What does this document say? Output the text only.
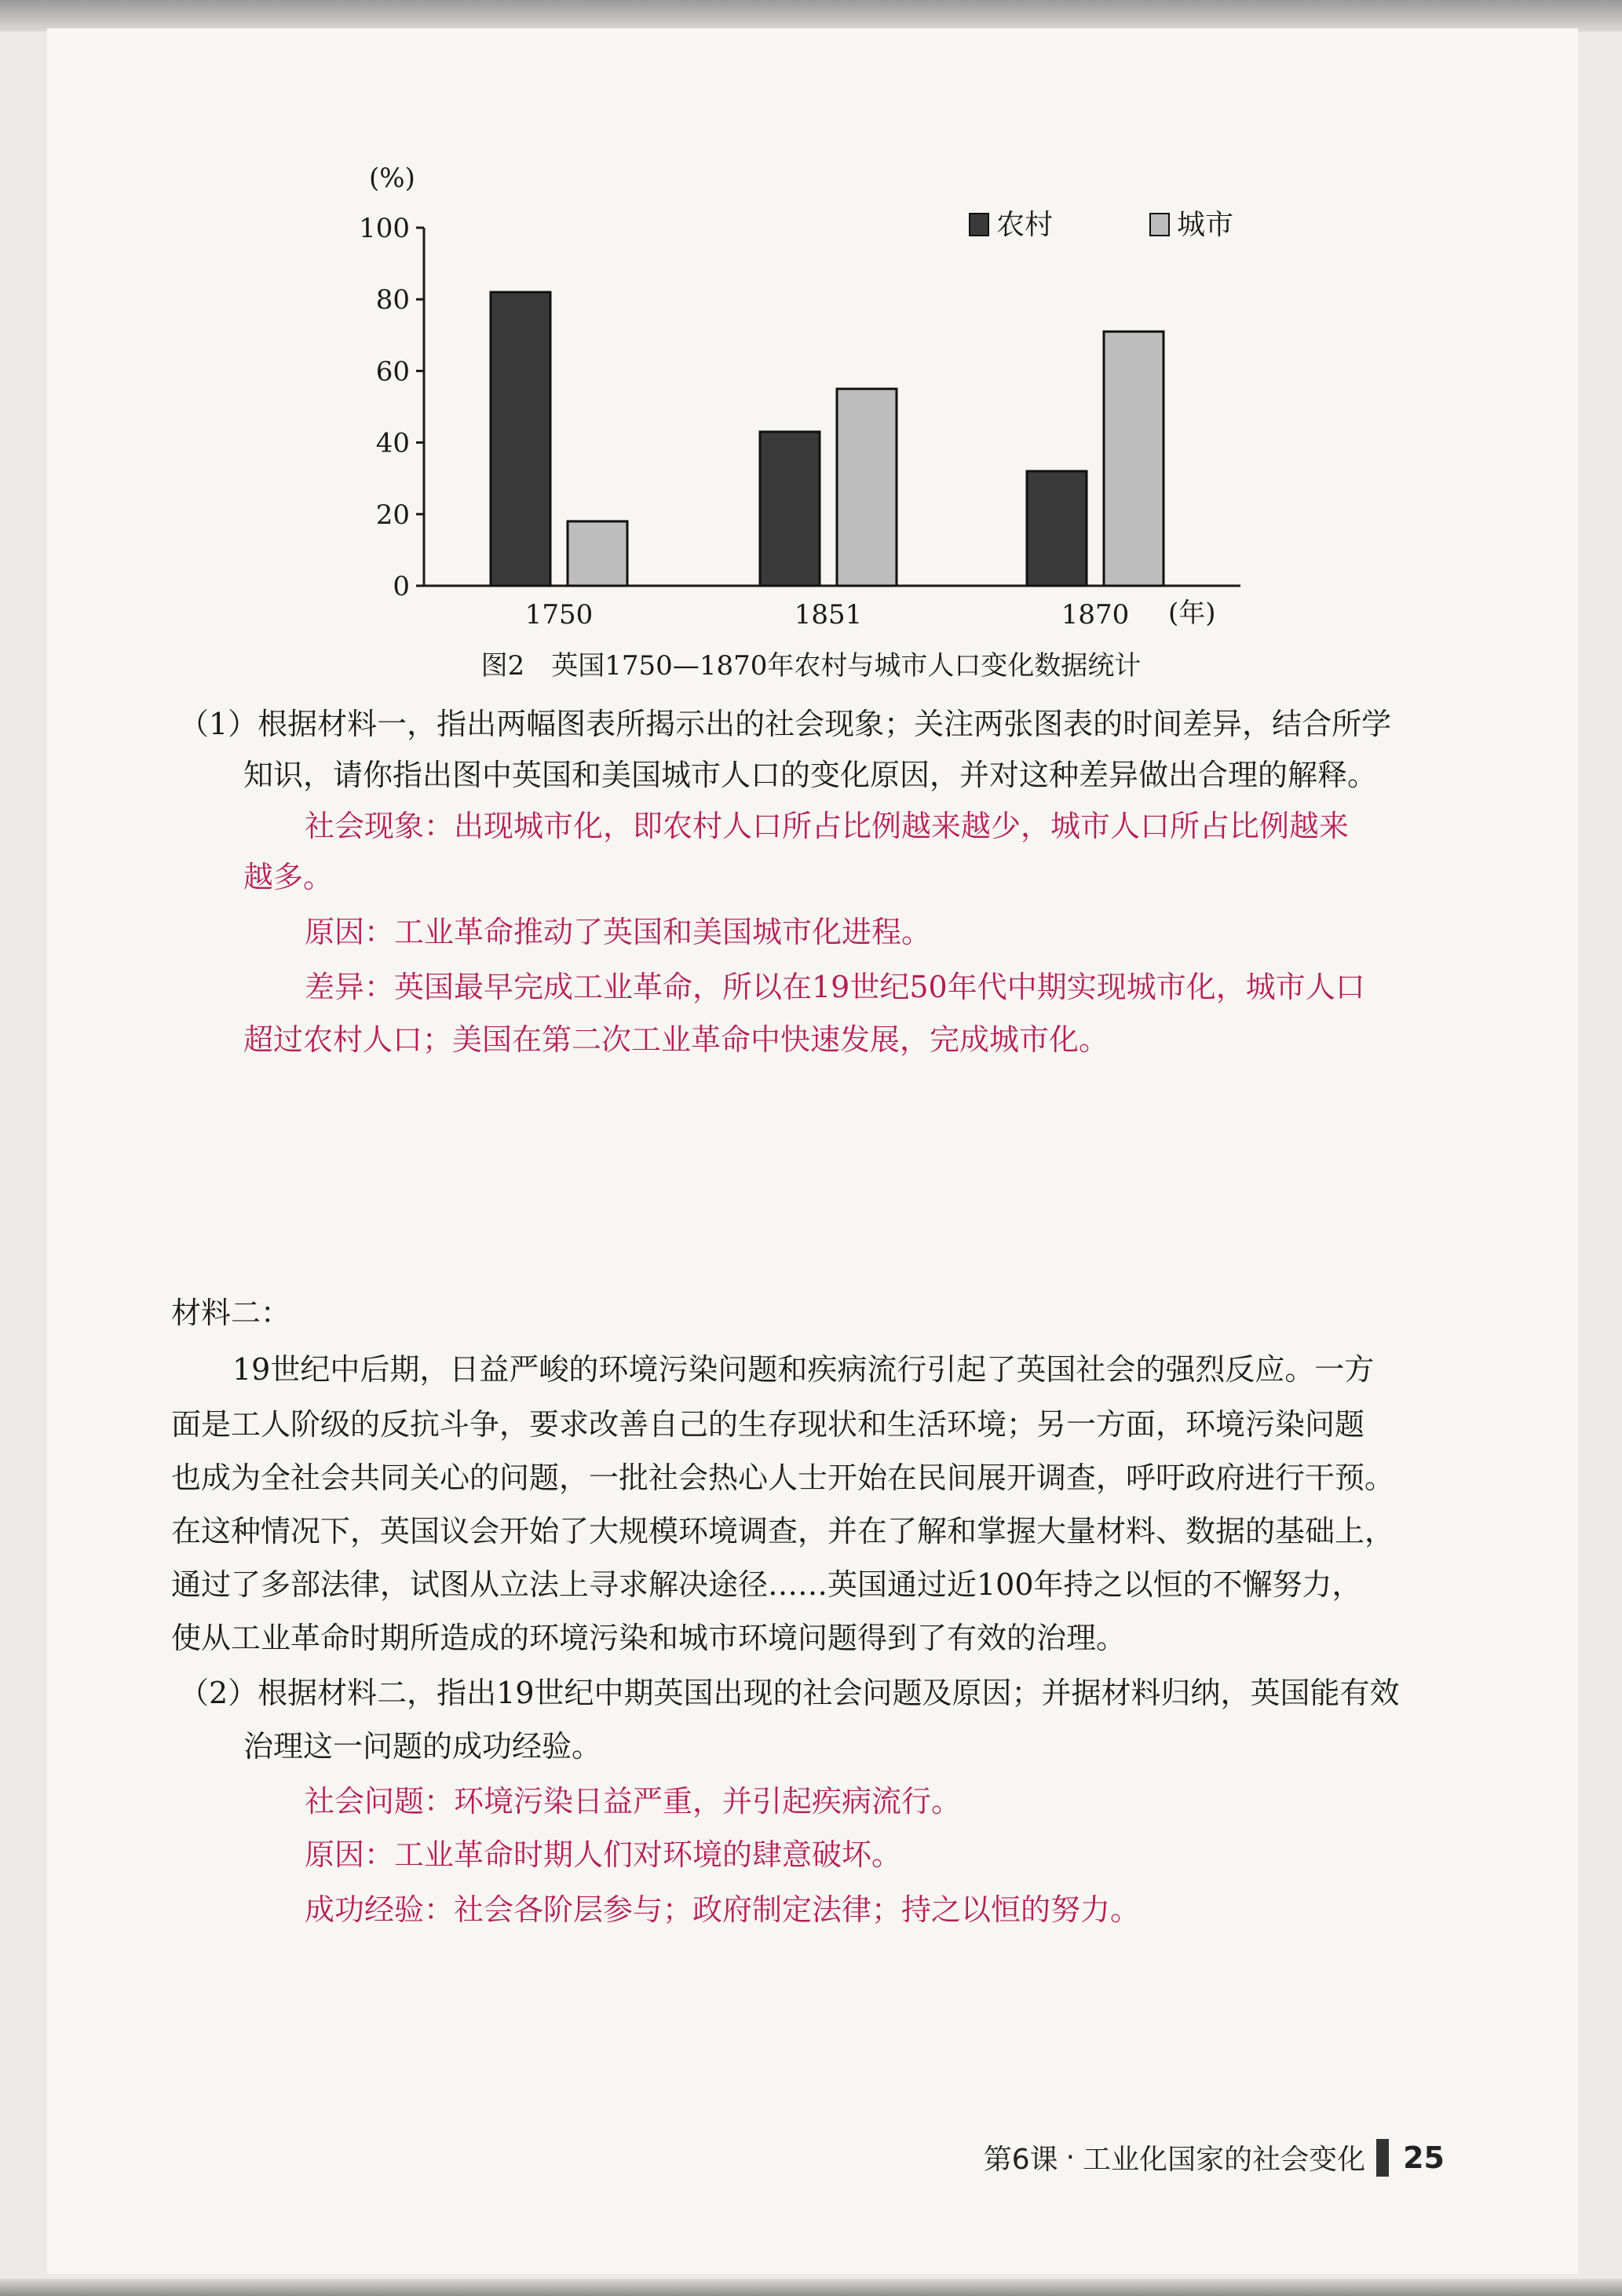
0
20
40
60
80
100
(%)
1750	1851	1870 (年)
农村	城市
图2　英国1750—1870年农村与城市人口变化数据统计
（1）根据材料一，指出两幅图表所揭示出的社会现象；关注两张图表的时间差异，结合所学
知识，请你指出图中英国和美国城市人口的变化原因，并对这种差异做出合理的解释。
社会现象：出现城市化，即农村人口所占比例越来越少，城市人口所占比例越来
越多。
原因：工业革命推动了英国和美国城市化进程。
差异：英国最早完成工业革命，所以在19世纪50年代中期实现城市化，城市人口
超过农村人口；美国在第二次工业革命中快速发展，完成城市化。
材料二：
19世纪中后期，日益严峻的环境污染问题和疾病流行引起了英国社会的强烈反应。一方
面是工人阶级的反抗斗争，要求改善自己的生存现状和生活环境；另一方面，环境污染问题
也成为全社会共同关心的问题，一批社会热心人士开始在民间展开调查，呼吁政府进行干预。
在这种情况下，英国议会开始了大规模环境调查，并在了解和掌握大量材料、数据的基础上，
通过了多部法律，试图从立法上寻求解决途径……英国通过近100年持之以恒的不懈努力，
使从工业革命时期所造成的环境污染和城市环境问题得到了有效的治理。
（2）根据材料二，指出19世纪中期英国出现的社会问题及原因；并据材料归纳，英国能有效
治理这一问题的成功经验。
社会问题：环境污染日益严重，并引起疾病流行。
原因：工业革命时期人们对环境的肆意破坏。
成功经验：社会各阶层参与；政府制定法律；持之以恒的努力。
第6课 · 工业化国家的社会变化 25
